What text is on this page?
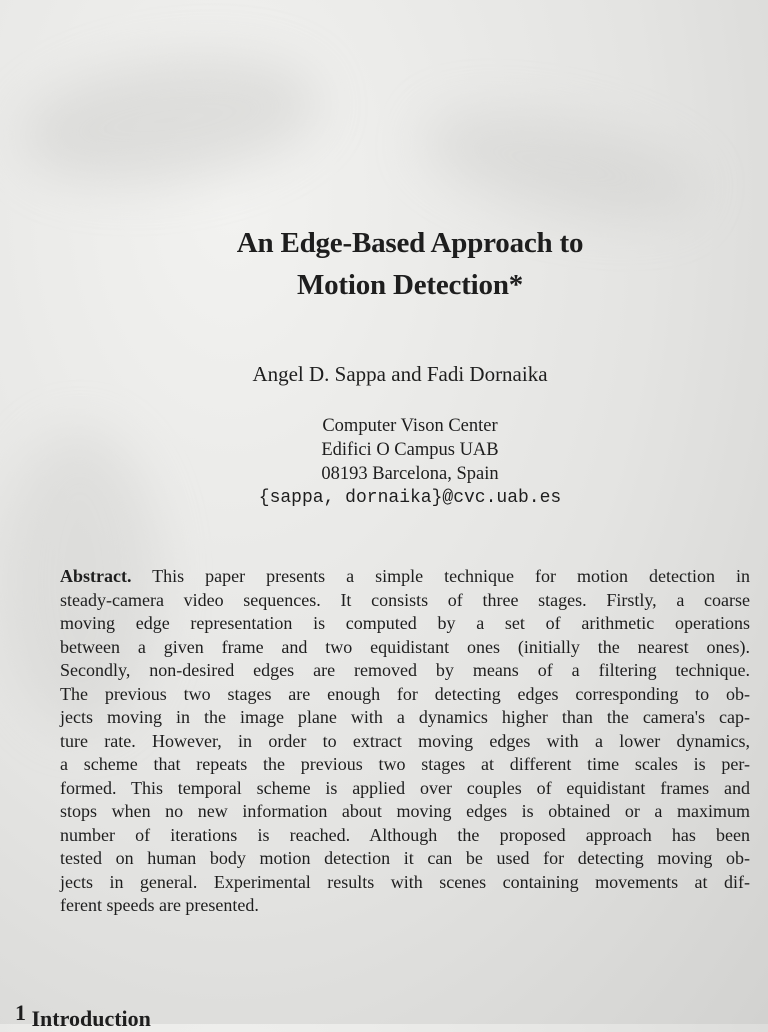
An Edge-Based Approach to
Motion Detection*
Angel D. Sappa and Fadi Dornaika
Computer Vison Center
Edifici O Campus UAB
08193 Barcelona, Spain
{sappa, dornaika}@cvc.uab.es
Abstract. This paper presents a simple technique for motion detection in
steady-camera video sequences. It consists of three stages. Firstly, a coarse
moving edge representation is computed by a set of arithmetic operations
between a given frame and two equidistant ones (initially the nearest ones).
Secondly, non-desired edges are removed by means of a filtering technique.
The previous two stages are enough for detecting edges corresponding to ob-
jects moving in the image plane with a dynamics higher than the camera's cap-
ture rate. However, in order to extract moving edges with a lower dynamics,
a scheme that repeats the previous two stages at different time scales is per-
formed. This temporal scheme is applied over couples of equidistant frames and
stops when no new information about moving edges is obtained or a maximum
number of iterations is reached. Although the proposed approach has been
tested on human body motion detection it can be used for detecting moving ob-
jects in general. Experimental results with scenes containing movements at dif-
ferent speeds are presented.
1 Introduction
